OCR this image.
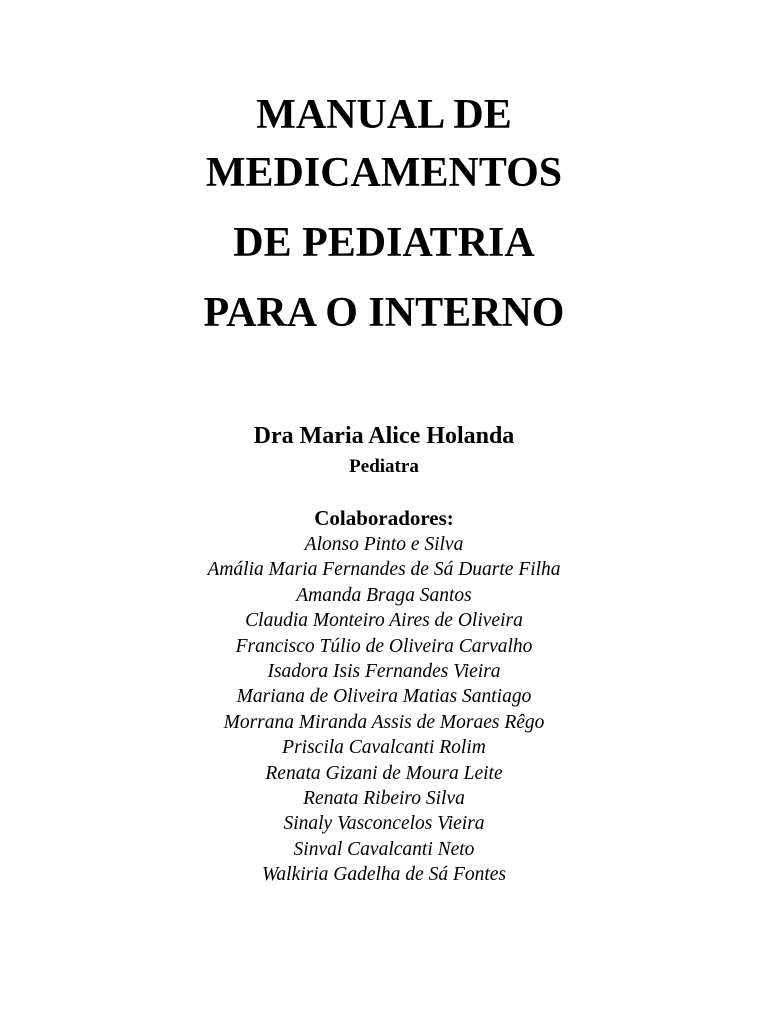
MANUAL DE
MEDICAMENTOS
DE PEDIATRIA
PARA O INTERNO

Dra Maria Alice Holanda

Pediatra

Colaboradores:

Alonso Pinto e Silva
Amália Maria Fernandes de Sá Duarte Filha
Amanda Braga Santos
Claudia Monteiro Aires de Oliveira
Francisco Túlio de Oliveira Carvalho
Isadora Isis Fernandes Vieira
Mariana de Oliveira Matias Santiago
Morrana Miranda Assis de Moraes Rêgo
Priscila Cavalcanti Rolim
Renata Gizani de Moura Leite
Renata Ribeiro Silva
Sinaly Vasconcelos Vieira
Sinval Cavalcanti Neto
Walkiria Gadelha de Sá Fontes
